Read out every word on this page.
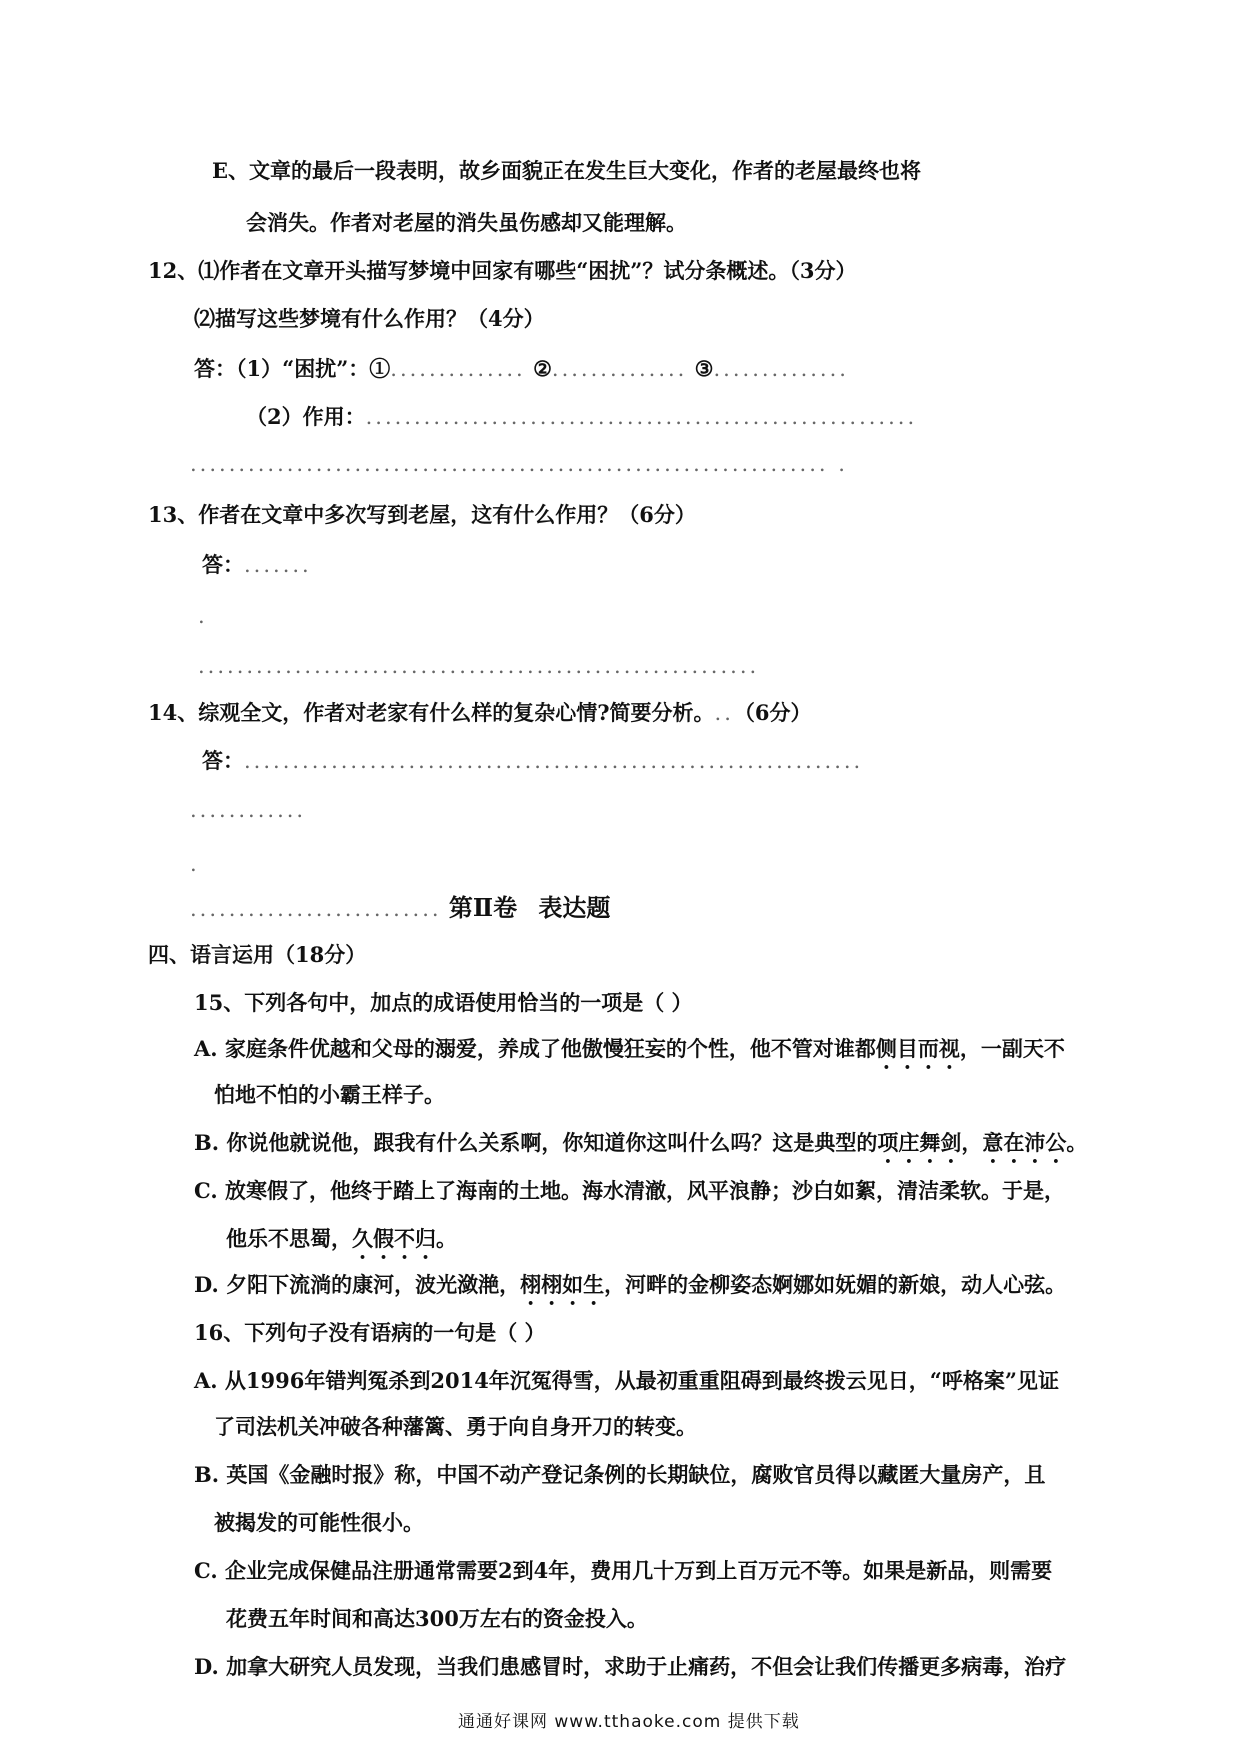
E、文章的最后一段表明，故乡面貌正在发生巨大变化，作者的老屋最终也将
会消失。作者对老屋的消失虽伤感却又能理解。
12、⑴作者在文章开头描写梦境中回家有哪些“困扰”？试分条概述。（3分）
⑵描写这些梦境有什么作用？（4分）
答：（1）“困扰”：①.............. ②.............. ③..............
（2）作用：.........................................................
.................................................................. .
13、作者在文章中多次写到老屋，这有什么作用？（6分）
答：.......
.
..........................................................
14、综观全文，作者对老家有什么样的复杂心情?简要分析。..（6分）
答：................................................................
............
.
.......................... 第Ⅱ卷 表达题
四、语言运用（18分）
15、下列各句中，加点的成语使用恰当的一项是（ ）
A. 家庭条件优越和父母的溺爱，养成了他傲慢狂妄的个性，他不管对谁都侧目而视，一副天不
怕地不怕的小霸王样子。
B. 你说他就说他，跟我有什么关系啊，你知道你这叫什么吗？这是典型的项庄舞剑，意在沛公。
C. 放寒假了，他终于踏上了海南的土地。海水清澈，风平浪静；沙白如絮，清洁柔软。于是，
他乐不思蜀，久假不归。
D. 夕阳下流淌的康河，波光潋滟，栩栩如生，河畔的金柳姿态婀娜如妩媚的新娘，动人心弦。
16、下列句子没有语病的一句是（ ）
A. 从1996年错判冤杀到2014年沉冤得雪，从最初重重阻碍到最终拨云见日，“呼格案”见证
了司法机关冲破各种藩篱、勇于向自身开刀的转变。
B. 英国《金融时报》称，中国不动产登记条例的长期缺位，腐败官员得以藏匿大量房产，且
被揭发的可能性很小。
C. 企业完成保健品注册通常需要2到4年，费用几十万到上百万元不等。如果是新品，则需要
花费五年时间和高达300万左右的资金投入。
D. 加拿大研究人员发现，当我们患感冒时，求助于止痛药，不但会让我们传播更多病毒，治疗
通通好课网 www.tthaoke.com 提供下载
